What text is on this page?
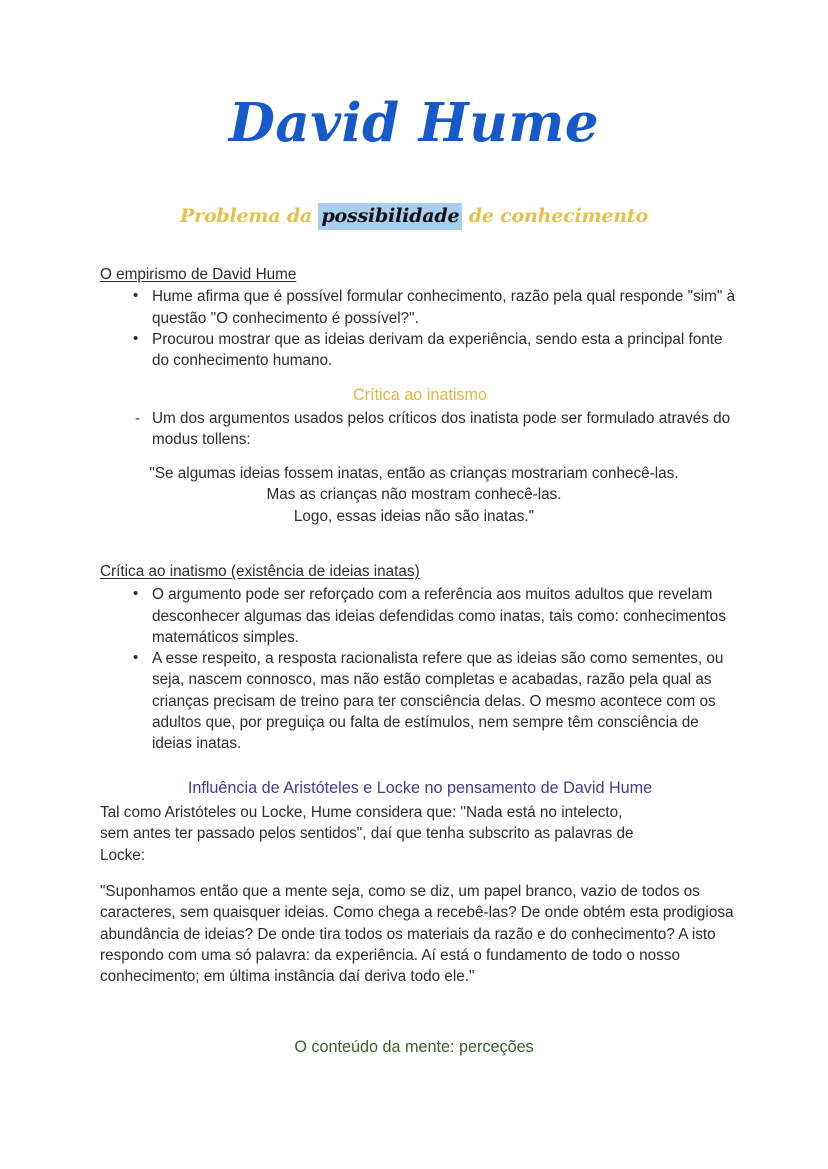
David Hume
Problema da possibilidade de conhecimento
O empirismo de David Hume
• Hume afirma que é possível formular conhecimento, razão pela qual responde "sim" à questão "O conhecimento é possível?".
• Procurou mostrar que as ideias derivam da experiência, sendo esta a principal fonte do conhecimento humano.
Crítica ao inatismo
- Um dos argumentos usados pelos críticos dos inatista pode ser formulado através do modus tollens:
"Se algumas ideias fossem inatas, então as crianças mostrariam conhecê-las.
Mas as crianças não mostram conhecê-las.
Logo, essas ideias não são inatas."
Crítica ao inatismo (existência de ideias inatas)
• O argumento pode ser reforçado com a referência aos muitos adultos que revelam desconhecer algumas das ideias defendidas como inatas, tais como: conhecimentos matemáticos simples.
• A esse respeito, a resposta racionalista refere que as ideias são como sementes, ou seja, nascem connosco, mas não estão completas e acabadas, razão pela qual as crianças precisam de treino para ter consciência delas. O mesmo acontece com os adultos que, por preguiça ou falta de estímulos, nem sempre têm consciência de ideias inatas.
Influência de Aristóteles e Locke no pensamento de David Hume

Tal como Aristóteles ou Locke, Hume considera que: "Nada está no intelecto, sem antes ter passado pelos sentidos", daí que tenha subscrito as palavras de Locke:

"Suponhamos então que a mente seja, como se diz, um papel branco, vazio de todos os caracteres, sem quaisquer ideias. Como chega a recebê-las? De onde obtém esta prodigiosa abundância de ideias? De onde tira todos os materiais da razão e do conhecimento? A isto respondo com uma só palavra: da experiência. Aí está o fundamento de todo o nosso conhecimento; em última instância daí deriva todo ele."

O conteúdo da mente: perceções
